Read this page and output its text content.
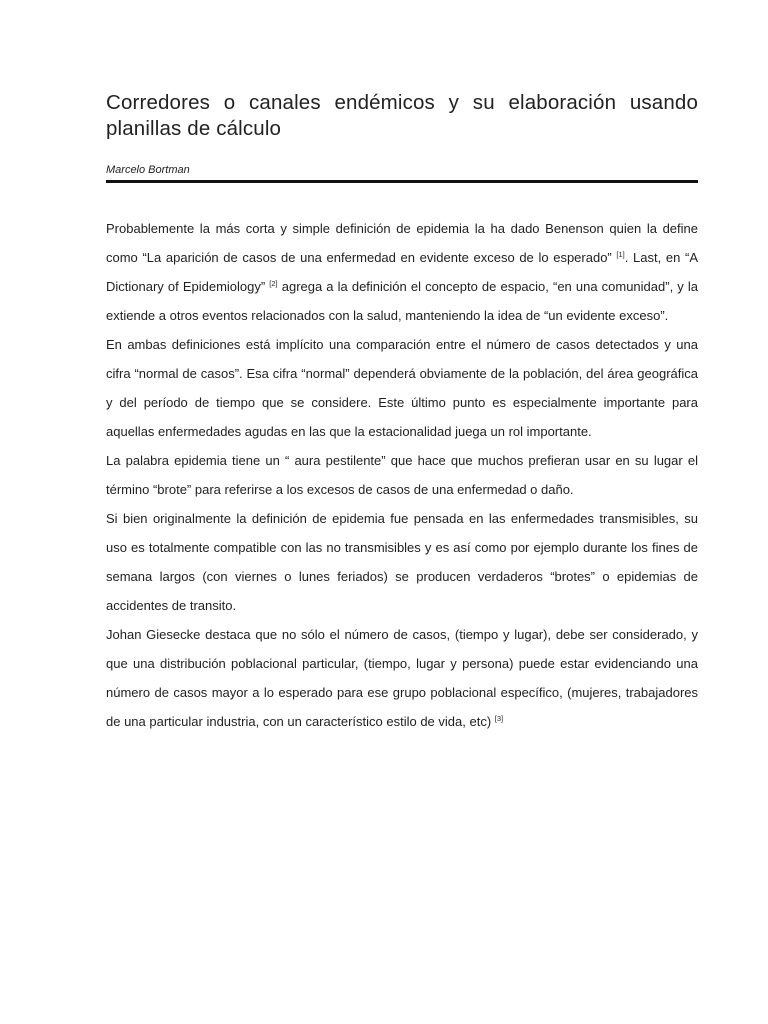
Corredores o canales endémicos y su elaboración usando planillas de cálculo

Marcelo Bortman

Probablemente la más corta y simple definición de epidemia la ha dado Benenson quien la define como “La aparición de casos de una enfermedad en evidente exceso de lo esperado” [1]. Last, en “A Dictionary of Epidemiology” [2] agrega a la definición el concepto de espacio, “en una comunidad”, y la extiende a otros eventos relacionados con la salud, manteniendo la idea de “un evidente exceso”.

En ambas definiciones está implícito una comparación entre el número de casos detectados y una cifra “normal de casos”. Esa cifra “normal” dependerá obviamente de la población, del área geográfica y del período de tiempo que se considere. Este último punto es especialmente importante para aquellas enfermedades agudas en las que la estacionalidad juega un rol importante.

La palabra epidemia tiene un “ aura pestilente” que hace que muchos prefieran usar en su lugar el término “brote” para referirse a los excesos de casos de una enfermedad o daño.

Si bien originalmente la definición de epidemia fue pensada en las enfermedades transmisibles, su uso es totalmente compatible con las no transmisibles y es así como por ejemplo durante los fines de semana largos (con viernes o lunes feriados) se producen verdaderos “brotes” o epidemias de accidentes de transito.

Johan Giesecke destaca que no sólo el número de casos, (tiempo y lugar), debe ser considerado, y que una distribución poblacional particular, (tiempo, lugar y persona) puede estar evidenciando una número de casos mayor a lo esperado para ese grupo poblacional específico, (mujeres, trabajadores de una particular industria, con un característico estilo de vida, etc) [3]
